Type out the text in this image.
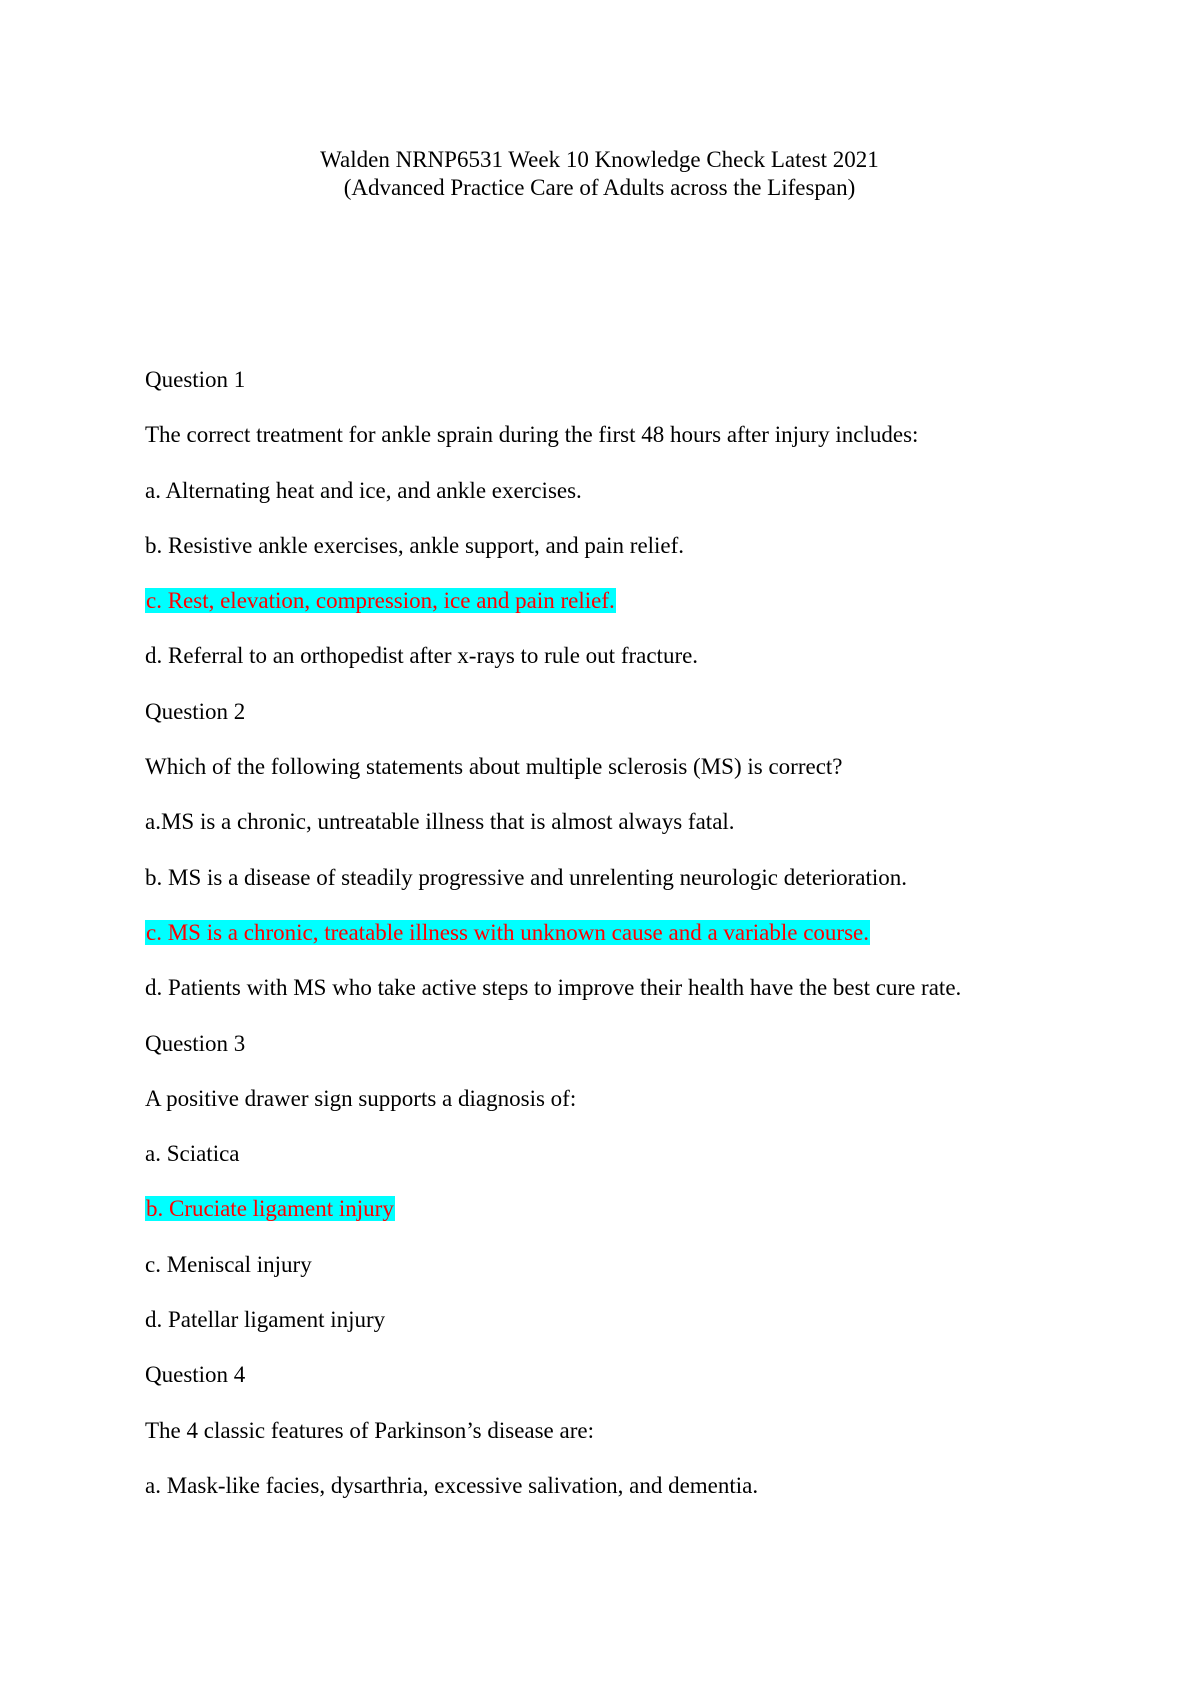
Walden NRNP6531 Week 10 Knowledge Check Latest 2021
(Advanced Practice Care of Adults across the Lifespan)
Question 1
The correct treatment for ankle sprain during the first 48 hours after injury includes:
a. Alternating heat and ice, and ankle exercises.
b. Resistive ankle exercises, ankle support, and pain relief.
c. Rest, elevation, compression, ice and pain relief.
d. Referral to an orthopedist after x-rays to rule out fracture.
Question 2
Which of the following statements about multiple sclerosis (MS) is correct?
a.MS is a chronic, untreatable illness that is almost always fatal.
b. MS is a disease of steadily progressive and unrelenting neurologic deterioration.
c. MS is a chronic, treatable illness with unknown cause and a variable course.
d. Patients with MS who take active steps to improve their health have the best cure rate.
Question 3
A positive drawer sign supports a diagnosis of:
a. Sciatica
b. Cruciate ligament injury
c. Meniscal injury
d. Patellar ligament injury
Question 4
The 4 classic features of Parkinson’s disease are:
a. Mask-like facies, dysarthria, excessive salivation, and dementia.
